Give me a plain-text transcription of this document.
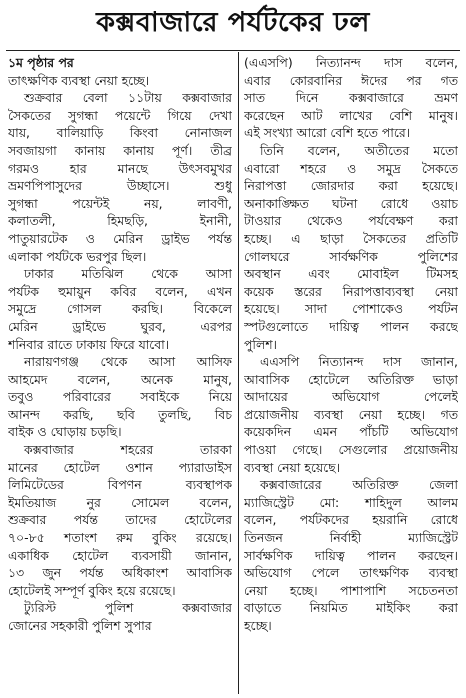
কক্সবাজারে পর্যটকের ঢল
১ম পৃষ্ঠার পর
তাৎক্ষণিক ব্যবস্থা নেয়া হচ্ছে।
শুক্রবার বেলা ১১টায় কক্সবাজার
সৈকতের সুগন্ধা পয়েন্টে গিয়ে দেখা
যায়, বালিয়াড়ি কিংবা নোনাজল
সবজায়গা কানায় কানায় পূর্ণ। তীব্র
গরমও হার মানছে উৎসবমুখর
ভ্রমণপিপাসুদের উচ্ছাসে। শুধু
সুগন্ধা পয়েন্টই নয়, লাবণী,
কলাতলী, হিমছড়ি, ইনানী,
পাতুয়ারটেক ও মেরিন ড্রাইভ পর্যন্ত
এলাকা পর্যটকে ভরপুর ছিল।
ঢাকার মতিঝিল থেকে আসা
পর্যটক হুমায়ুন কবির বলেন, এখন
সমুদ্রে গোসল করছি। বিকেলে
মেরিন ড্রাইভে ঘুরব, এরপর
শনিবার রাতে ঢাকায় ফিরে যাবো।
নারায়ণগঞ্জ থেকে আসা আসিফ
আহমেদ বলেন, অনেক মানুষ,
তবুও পরিবারের সবাইকে নিয়ে
আনন্দ করছি, ছবি তুলছি, বিচ
বাইক ও ঘোড়ায় চড়ছি।
কক্সবাজার শহরের তারকা
মানের হোটেল ওশান প্যারাডাইস
লিমিটেডের বিপণন ব্যবস্থাপক
ইমতিয়াজ নুর সোমেল বলেন,
শুক্রবার পর্যন্ত তাদের হোটেলের
৭০-৮৫ শতাংশ রুম বুকিং রয়েছে।
একাধিক হোটেল ব্যবসায়ী জানান,
১৩ জুন পর্যন্ত অধিকাংশ আবাসিক
হোটেলই সম্পূর্ণ বুকিং হয়ে রয়েছে।
ট্যুরিস্ট পুলিশ কক্সবাজার
জোনের সহকারী পুলিশ সুপার
(এএসপি) নিত্যানন্দ দাস বলেন,
এবার কোরবানির ঈদের পর গত
সাত দিনে কক্সবাজারে ভ্রমণ
করেছেন আট লাখের বেশি মানুষ।
এই সংখ্যা আরো বেশি হতে পারে।
তিনি বলেন, অতীতের মতো
এবারো শহরে ও সমুদ্র সৈকতে
নিরাপত্তা জোরদার করা হয়েছে।
অনাকাঙ্ক্ষিত ঘটনা রোধে ওয়াচ
টাওয়ার থেকেও পর্যবেক্ষণ করা
হচ্ছে। এ ছাড়া সৈকতের প্রতিটি
গোলঘরে সার্বক্ষণিক পুলিশের
অবস্থান এবং মোবাইল টিমসহ
কয়েক স্তরের নিরাপত্তাব্যবস্থা নেয়া
হয়েছে। সাদা পোশাকেও পর্যটন
স্পটগুলোতে দায়িত্ব পালন করছে
পুলিশ।
এএসপি নিত্যানন্দ দাস জানান,
আবাসিক হোটেলে অতিরিক্ত ভাড়া
আদায়ের অভিযোগ পেলেই
প্রয়োজনীয় ব্যবস্থা নেয়া হচ্ছে। গত
কয়েকদিন এমন পাঁচটি অভিযোগ
পাওয়া গেছে। সেগুলোর প্রয়োজনীয়
ব্যবস্থা নেয়া হয়েছে।
কক্সবাজারের অতিরিক্ত জেলা
ম্যাজিস্ট্রেট মো: শাহিদুল আলম
বলেন, পর্যটকদের হয়রানি রোধে
তিনজন নির্বাহী ম্যাজিস্ট্রেট
সার্বক্ষণিক দায়িত্ব পালন করছেন।
অভিযোগ পেলে তাৎক্ষণিক ব্যবস্থা
নেয়া হচ্ছে। পাশাপাশি সচেতনতা
বাড়াতে নিয়মিত মাইকিং করা
হচ্ছে।
